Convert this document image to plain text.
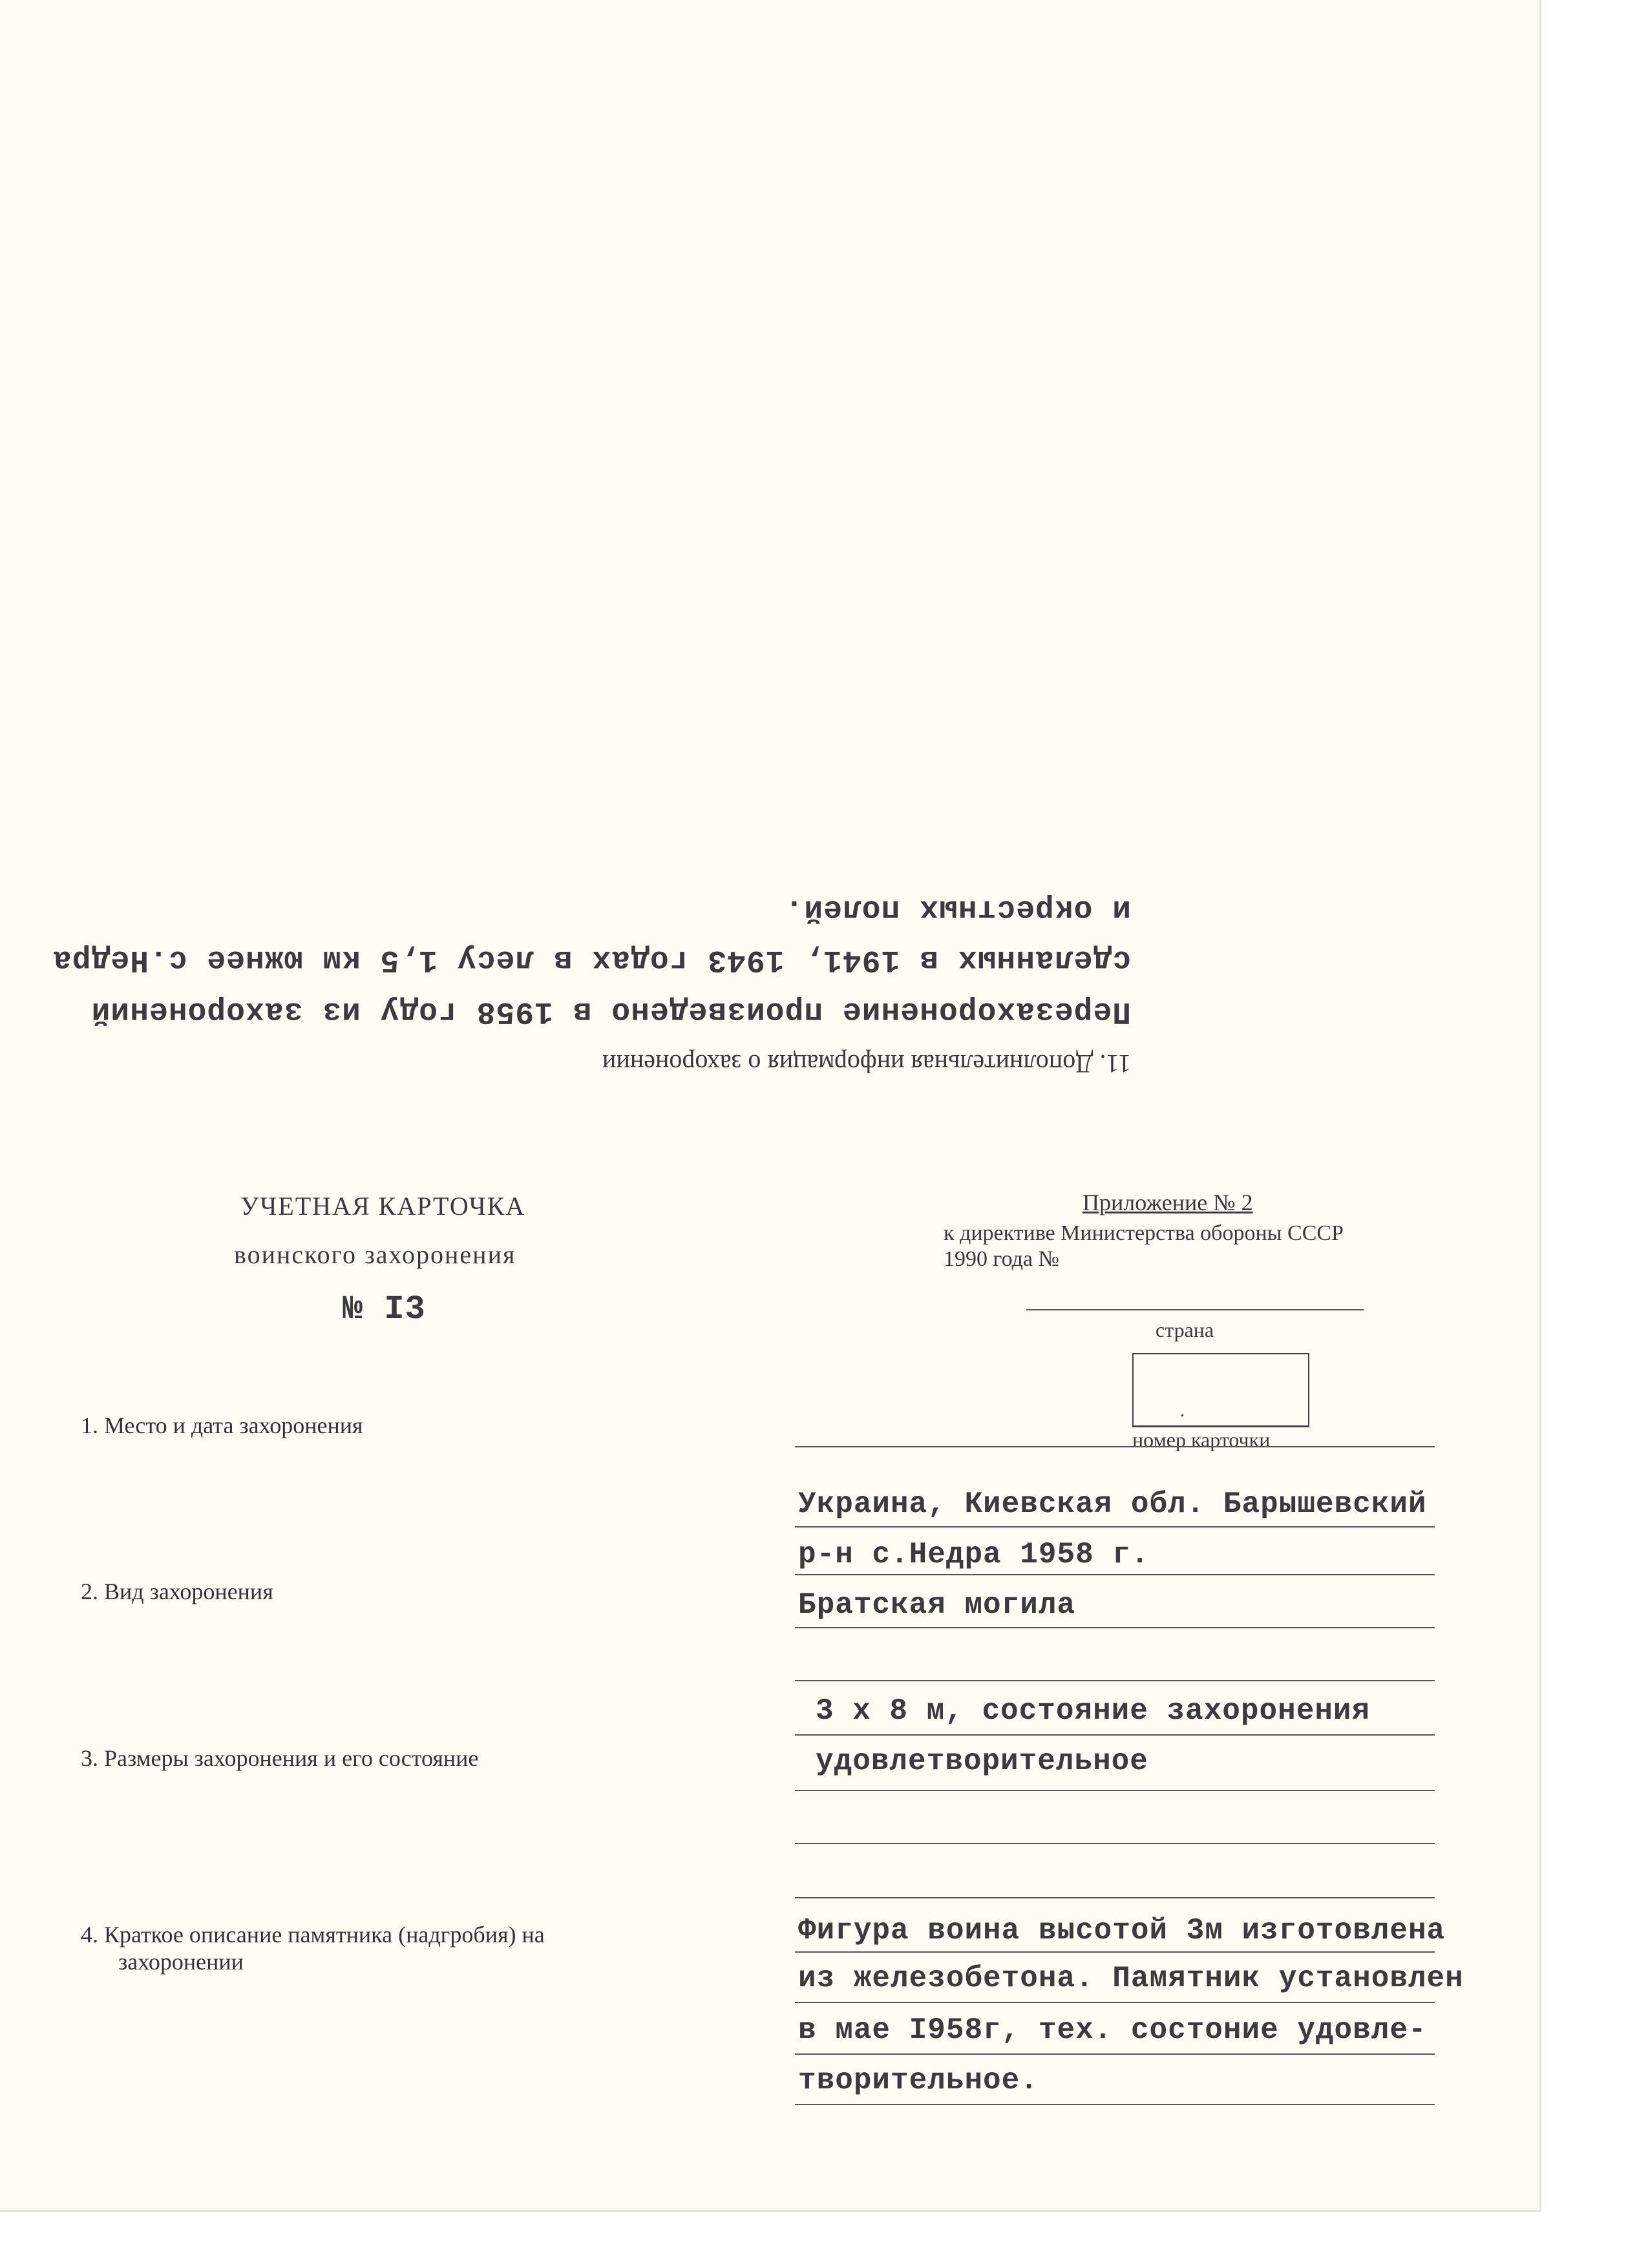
11. Дополнительная информация о захоронении
Перезахоронение произведено в 1958 году из захоронений
сделанных в 1941, 1943 годах в лесу 1,5 км южнее с.Недра
и окрестных полей.
УЧЕТНАЯ КАРТОЧКА
воинского захоронения
№ I3
Приложение № 2
к директиве Министерства обороны СССР
1990 года №
страна
.
номер карточки
1. Место и дата захоронения
Украина, Киевская обл. Барышевский
р-н с.Недра 1958 г.
2. Вид захоронения	Братская могила
3. Размеры захоронения и его состояние
3 х 8 м, состояние захоронения
удовлетворительное
4. Краткое описание памятника (надгробия) на
захоронении
Фигура воина высотой 3м изготовлена
из железобетона. Памятник установлен
в мае I958г, тех. состоние удовле-
творительное.
